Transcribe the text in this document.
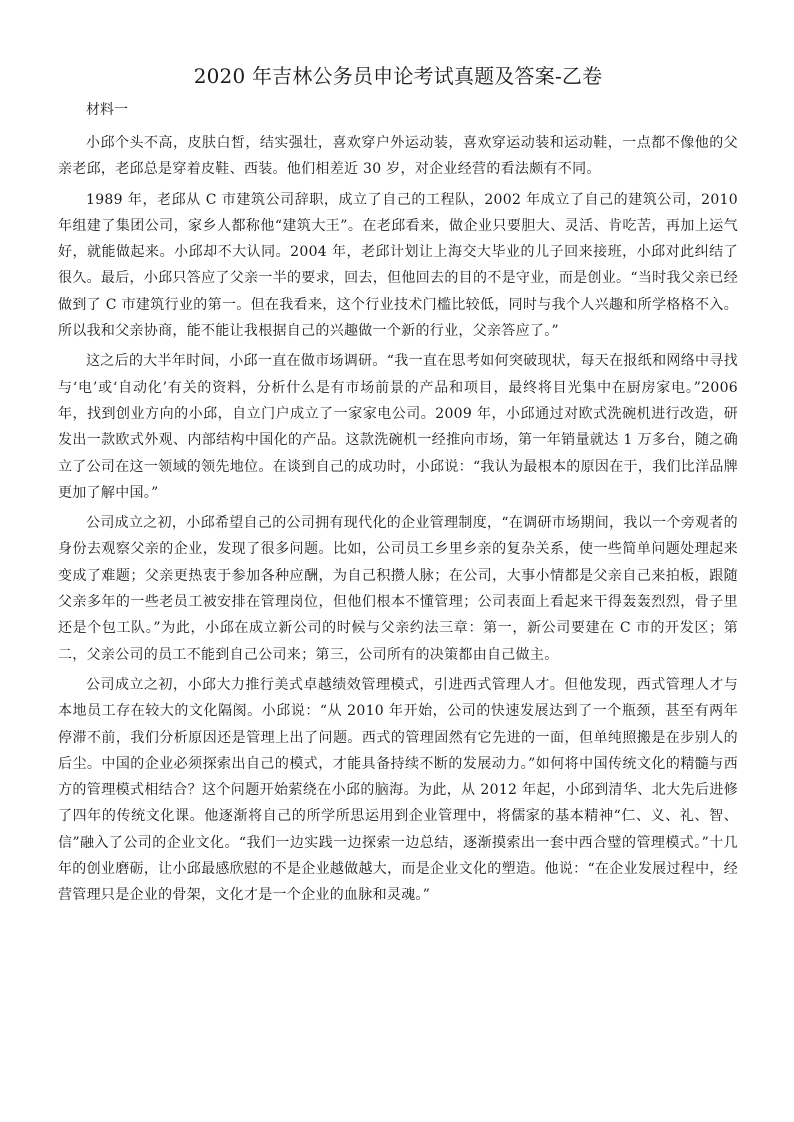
2020 年吉林公务员申论考试真题及答案-乙卷
材料一

小邱个头不高，皮肤白皙，结实强壮，喜欢穿户外运动装，喜欢穿运动装和运动鞋，一点都不像他的父亲老邱，老邱总是穿着皮鞋、西装。他们相差近 30 岁，对企业经营的看法颇有不同。

1989 年，老邱从 C 市建筑公司辞职，成立了自己的工程队，2002 年成立了自己的建筑公司，2010 年组建了集团公司，家乡人都称他“建筑大王”。在老邱看来，做企业只要胆大、灵活、肯吃苦，再加上运气好，就能做起来。小邱却不大认同。2004 年，老邱计划让上海交大毕业的儿子回来接班，小邱对此纠结了很久。最后，小邱只答应了父亲一半的要求，回去，但他回去的目的不是守业，而是创业。“当时我父亲已经做到了 C 市建筑行业的第一。但在我看来，这个行业技术门槛比较低，同时与我个人兴趣和所学格格不入。所以我和父亲协商，能不能让我根据自己的兴趣做一个新的行业，父亲答应了。”

这之后的大半年时间，小邱一直在做市场调研。“我一直在思考如何突破现状，每天在报纸和网络中寻找与‘电’或‘自动化’有关的资料，分析什么是有市场前景的产品和项目，最终将目光集中在厨房家电。”2006 年，找到创业方向的小邱，自立门户成立了一家家电公司。2009 年，小邱通过对欧式洗碗机进行改造，研发出一款欧式外观、内部结构中国化的产品。这款洗碗机一经推向市场，第一年销量就达 1 万多台，随之确立了公司在这一领域的领先地位。在谈到自己的成功时，小邱说：“我认为最根本的原因在于，我们比洋品牌更加了解中国。”

公司成立之初，小邱希望自己的公司拥有现代化的企业管理制度，“在调研市场期间，我以一个旁观者的身份去观察父亲的企业，发现了很多问题。比如，公司员工乡里乡亲的复杂关系，使一些简单问题处理起来变成了难题；父亲更热衷于参加各种应酬，为自己积攒人脉；在公司，大事小情都是父亲自己来拍板，跟随父亲多年的一些老员工被安排在管理岗位，但他们根本不懂管理；公司表面上看起来干得轰轰烈烈，骨子里还是个包工队。”为此，小邱在成立新公司的时候与父亲约法三章：第一，新公司要建在 C 市的开发区；第二，父亲公司的员工不能到自己公司来；第三，公司所有的决策都由自己做主。

公司成立之初，小邱大力推行美式卓越绩效管理模式，引进西式管理人才。但他发现，西式管理人才与本地员工存在较大的文化隔阂。小邱说：“从 2010 年开始，公司的快速发展达到了一个瓶颈，甚至有两年停滞不前，我们分析原因还是管理上出了问题。西式的管理固然有它先进的一面，但单纯照搬是在步别人的后尘。中国的企业必须探索出自己的模式，才能具备持续不断的发展动力。”如何将中国传统文化的精髓与西方的管理模式相结合？这个问题开始萦绕在小邱的脑海。为此，从 2012 年起，小邱到清华、北大先后进修了四年的传统文化课。他逐渐将自己的所学所思运用到企业管理中，将儒家的基本精神“仁、义、礼、智、信”融入了公司的企业文化。“我们一边实践一边探索一边总结，逐渐摸索出一套中西合璧的管理模式。”十几年的创业磨砺，让小邱最感欣慰的不是企业越做越大，而是企业文化的塑造。他说：“在企业发展过程中，经营管理只是企业的骨架，文化才是一个企业的血脉和灵魂。”
